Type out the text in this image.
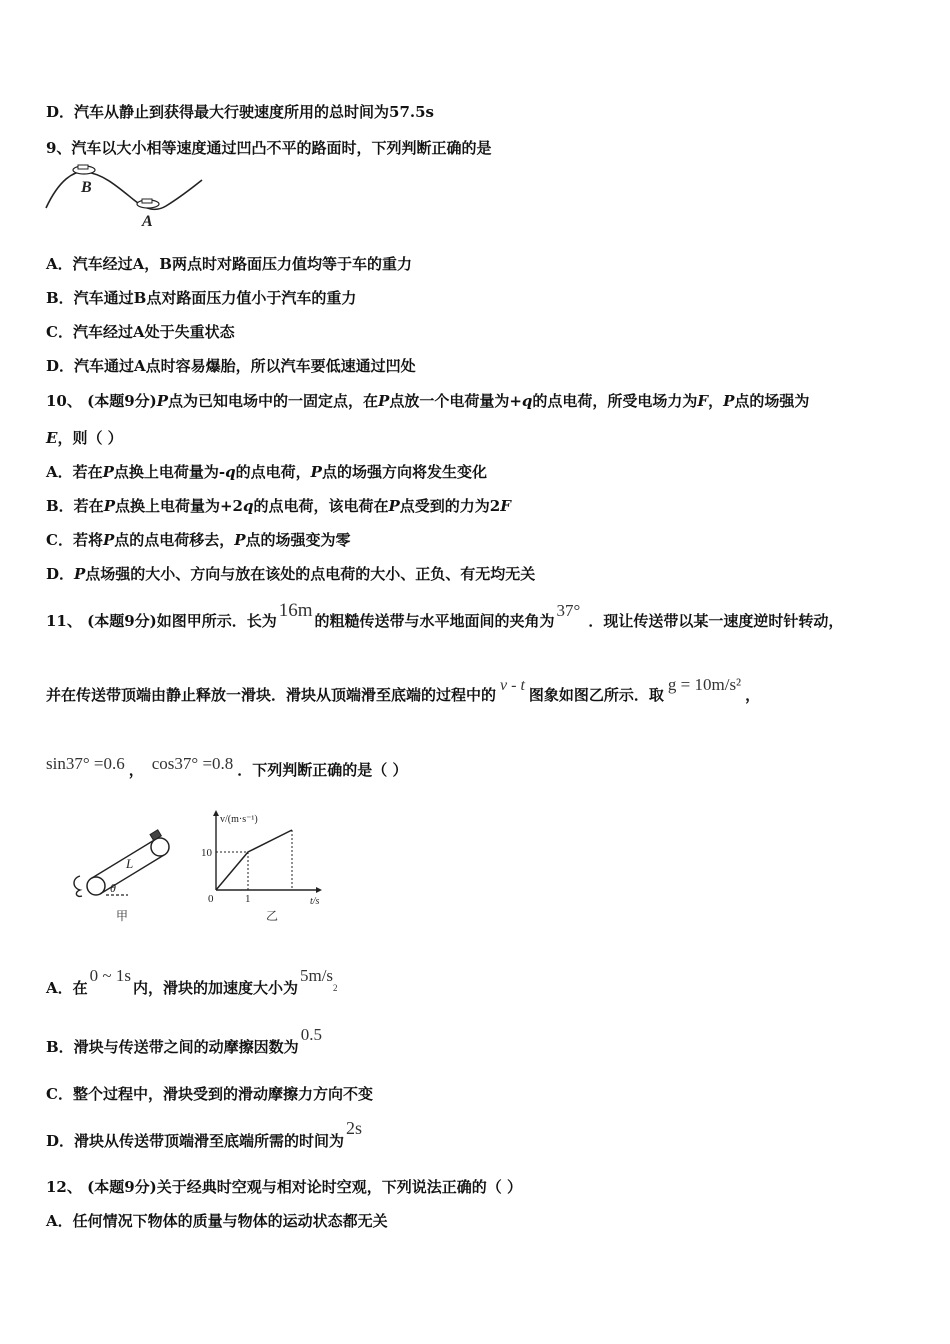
D．汽车从静止到获得最大行驶速度所用的总时间为57.5s
9、汽车以大小相等速度通过凹凸不平的路面时，下列判断正确的是
B
A
A．汽车经过A，B两点时对路面压力值均等于车的重力
B．汽车通过B点对路面压力值小于汽车的重力
C．汽车经过A处于失重状态
D．汽车通过A点时容易爆胎，所以汽车要低速通过凹处
10、 (本题9分)P点为已知电场中的一固定点，在P点放一个电荷量为+q的点电荷，所受电场力为F，P点的场强为
E，则（ ）
A．若在P点换上电荷量为-q的点电荷，P点的场强方向将发生变化
B．若在P点换上电荷量为+2q的点电荷，该电荷在P点受到的力为2F
C．若将P点的点电荷移去，P点的场强变为零
D．P点场强的大小、方向与放在该处的点电荷的大小、正负、有无均无关
11、 (本题9分)如图甲所示．长为 16m 的粗糙传送带与水平地面间的夹角为37°．现让传送带以某一速度逆时针转动，
并在传送带顶端由静止释放一滑块．滑块从顶端滑至底端的过程中的v - t图象如图乙所示．取g = 10m/s²，
sin37° =0.6 ， cos37° =0.8 ．下列判断正确的是（ ）
L
θ
甲
v/(m·s⁻¹)
t/s
10
0	1
乙
A．在0 ~ 1s内，滑块的加速度大小为5m/s2
B．滑块与传送带之间的动摩擦因数为0.5
C．整个过程中，滑块受到的滑动摩擦力方向不变
D．滑块从传送带顶端滑至底端所需的时间为2s
12、 (本题9分)关于经典时空观与相对论时空观，下列说法正确的（ ）
A．任何情况下物体的质量与物体的运动状态都无关
